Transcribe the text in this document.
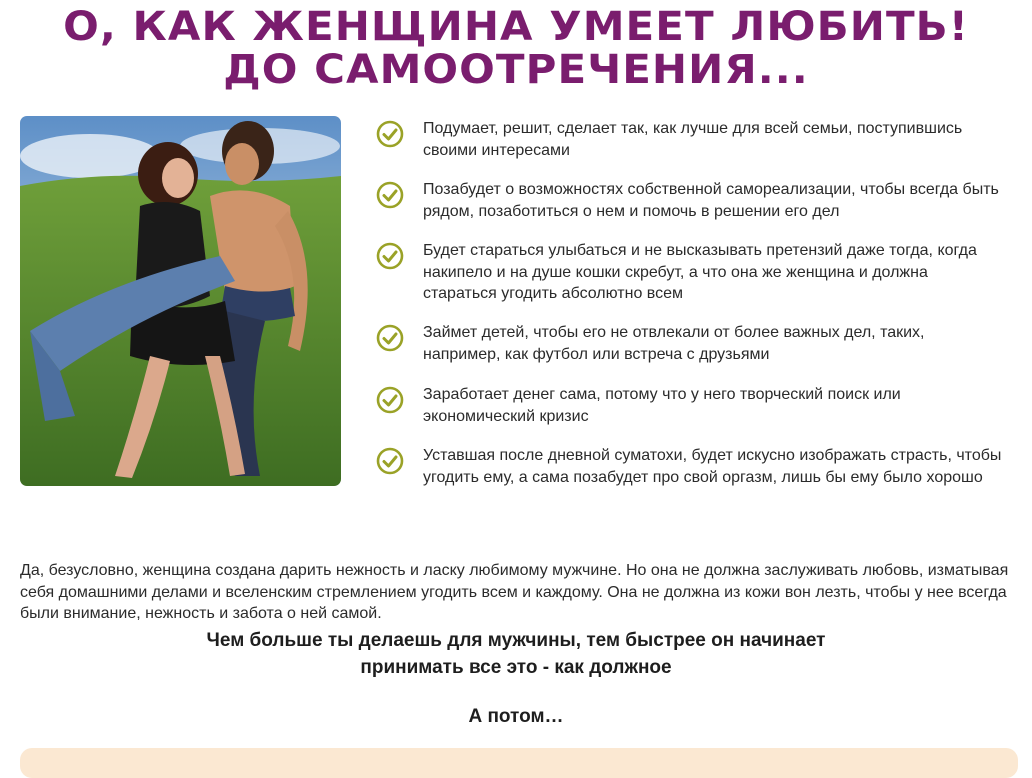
О, КАК ЖЕНЩИНА УМЕЕТ ЛЮБИТЬ!
ДО САМООТРЕЧЕНИЯ...
Подумает, решит, сделает так, как лучше для всей семьи, поступившись своими интересами
Позабудет о возможностях собственной самореализации, чтобы всегда быть рядом, позаботиться о нем и помочь в решении его дел
Будет стараться улыбаться и не высказывать претензий даже тогда, когда накипело и на душе кошки скребут, а что она же женщина и должна стараться угодить абсолютно всем
Займет детей, чтобы его не отвлекали от более важных дел, таких, например, как футбол или встреча с друзьями
Заработает денег сама, потому что у него творческий поиск или экономический кризис
Уставшая после дневной суматохи, будет искусно изображать страсть, чтобы угодить ему, а сама позабудет про свой оргазм, лишь бы ему было хорошо

Да, безусловно, женщина создана дарить нежность и ласку любимому мужчине. Но она не должна заслуживать любовь, изматывая себя домашними делами и вселенским стремлением угодить всем и каждому. Она не должна из кожи вон лезть, чтобы у нее всегда были внимание, нежность и забота о ней самой.

Чем больше ты делаешь для мужчины, тем быстрее он начинает
принимать все это - как должное
А потом…
